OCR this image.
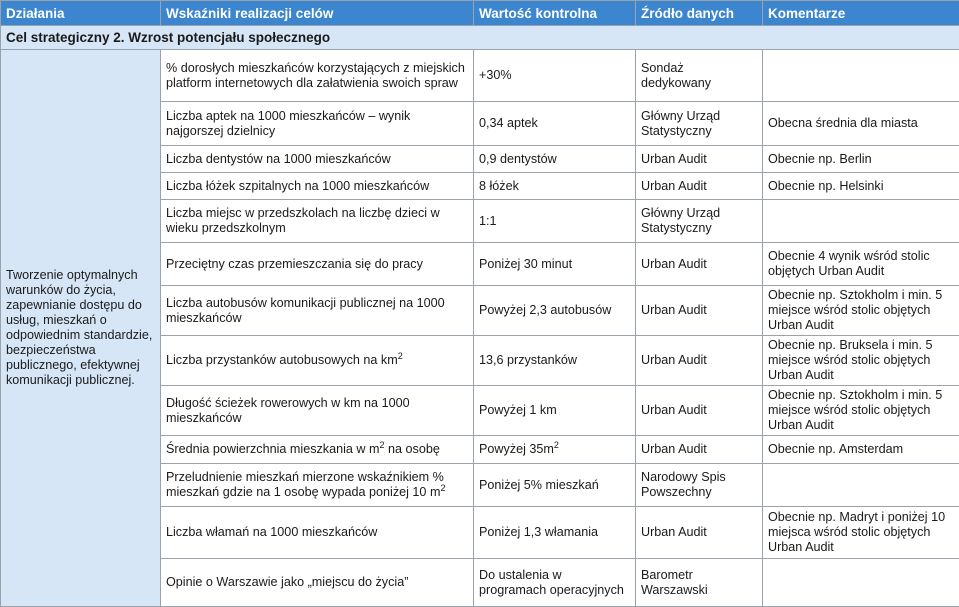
Działania	Wskaźniki realizacji celów	Wartość kontrolna	Źródło danych	Komentarze
Cel strategiczny 2. Wzrost potencjału społecznego				
Tworzenie optymalnych warunków do życia, zapewnianie dostępu do usług, mieszkań o odpowiednim standardzie, bezpieczeństwa publicznego, efektywnej komunikacji publicznej.	% dorosłych mieszkańców korzystających z miejskich platform internetowych dla załatwienia swoich spraw	+30%	Sondaż dedykowany	
	Liczba aptek na 1000 mieszkańców – wynik najgorszej dzielnicy	0,34 aptek	Główny Urząd Statystyczny	Obecna średnia dla miasta
	Liczba dentystów na 1000 mieszkańców	0,9 dentystów	Urban Audit	Obecnie np. Berlin
	Liczba łóżek szpitalnych na 1000 mieszkańców	8 łóżek	Urban Audit	Obecnie np. Helsinki
	Liczba miejsc w przedszkolach na liczbę dzieci w wieku przedszkolnym	1:1	Główny Urząd Statystyczny	
	Przeciętny czas przemieszczania się do pracy	Poniżej 30 minut	Urban Audit	Obecnie 4 wynik wśród stolic objętych Urban Audit
	Liczba autobusów komunikacji publicznej na 1000 mieszkańców	Powyżej 2,3 autobusów	Urban Audit	Obecnie np. Sztokholm i min. 5 miejsce wśród stolic objętych Urban Audit
	Liczba przystanków autobusowych na $km^2$	13,6 przystanków	Urban Audit	Obecnie np. Bruksela i min. 5 miejsce wśród stolic objętych Urban Audit
	Długość ścieżek rowerowych w km na 1000 mieszkańców	Powyżej 1 km	Urban Audit	Obecnie np. Sztokholm i min. 5 miejsce wśród stolic objętych Urban Audit
	Średnia powierzchnia mieszkania w $m^2$ na osobę	Powyżej $35m^2$	Urban Audit	Obecnie np. Amsterdam
	Przeludnienie mieszkań mierzone wskaźnikiem % mieszkań gdzie na 1 osobę wypada poniżej 10 $m^2$	Poniżej 5% mieszkań	Narodowy Spis Powszechny	
	Liczba włamań na 1000 mieszkańców	Poniżej 1,3 włamania	Urban Audit	Obecnie np. Madryt i poniżej 10 miejsca wśród stolic objętych Urban Audit
	Opinie o Warszawie jako „miejscu do życia”	Do ustalenia w programach operacyjnych	Barometr Warszawski	
